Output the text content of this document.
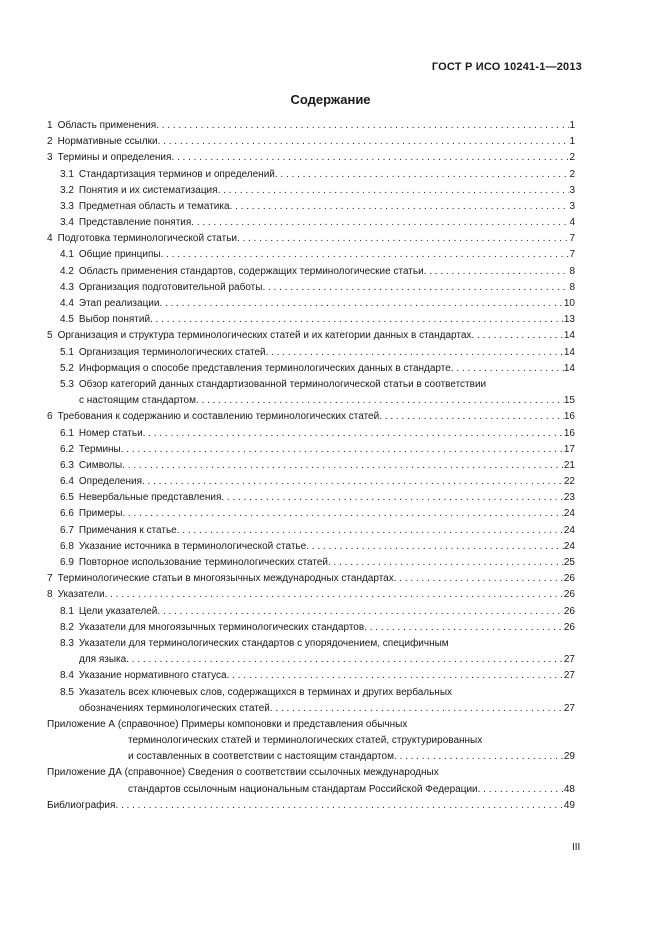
ГОСТ Р ИСО 10241-1—2013
Содержание
1 Область применения . . .	1
2 Нормативные ссылки . . .	1
3 Термины и определения . . .	2
3.1 Стандартизация терминов и определений . . .	2
3.2 Понятия и их систематизация . . .	3
3.3 Предметная область и тематика . . .	3
3.4 Представление понятия . . .	4
4 Подготовка терминологической статьи . . .	7
4.1 Общие принципы . . .	7
4.2 Область применения стандартов, содержащих терминологические статьи . . .	8
4.3 Организация подготовительной работы . . .	8
4.4 Этап реализации . . .	10
4.5 Выбор понятий . . .	13
5 Организация и структура терминологических статей и их категории данных в стандартах . . .	14
5.1 Организация терминологических статей . . .	14
5.2 Информация о способе представления терминологических данных в стандарте . . .	14
5.3 Обзор категорий данных стандартизованной терминологической статьи в соответствии
с настоящим стандартом . . .	15
6 Требования к содержанию и составлению терминологических статей . . .	16
6.1 Номер статьи . . .	16
6.2 Термины . . .	17
6.3 Символы . . .	21
6.4 Определения . . .	22
6.5 Невербальные представления . . .	23
6.6 Примеры . . .	24
6.7 Примечания к статье . . .	24
6.8 Указание источника в терминологической статье . . .	24
6.9 Повторное использование терминологических статей . . .	25
7 Терминологические статьи в многоязычных международных стандартах . . .	26
8 Указатели . . .	26
8.1 Цели указателей . . .	26
8.2 Указатели для многоязычных терминологических стандартов . . .	26
8.3 Указатели для терминологических стандартов с упорядочением, специфичным
для языка . . .	27
8.4 Указание нормативного статуса . . .	27
8.5 Указатель всех ключевых слов, содержащихся в терминах и других вербальных
обозначениях терминологических статей . . .	27
Приложение А (справочное) Примеры компоновки и представления обычных
терминологических статей и терминологических статей, структурированных
и составленных в соответствии с настоящим стандартом . . .	29
Приложение ДА (справочное) Сведения о соответствии ссылочных международных
стандартов ссылочным национальным стандартам Российской Федерации . . .	48
Библиография . . .	49
III
